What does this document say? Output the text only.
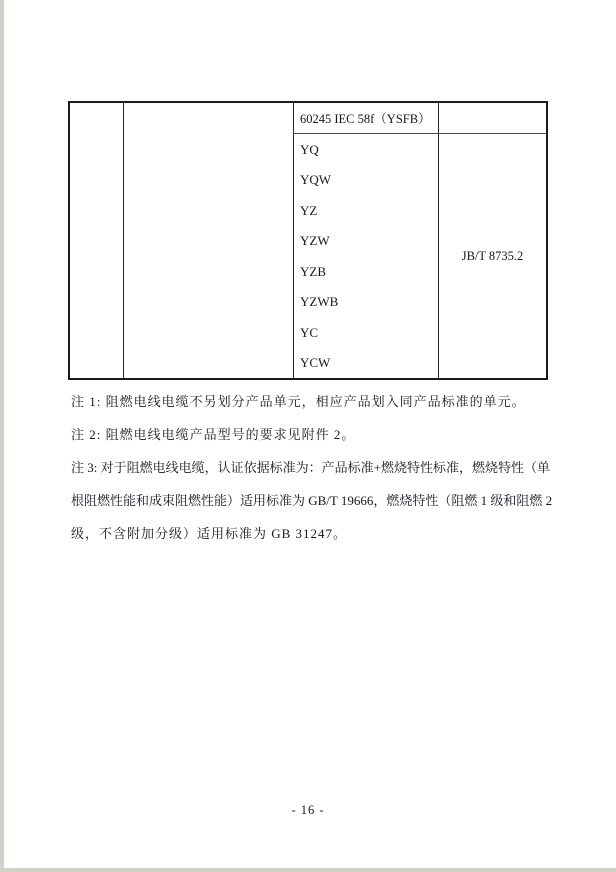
60245 IEC 58f（YSFB）
YQ
YQW
YZ
YZW
YZB
YZWB
YC
YCW
JB/T 8735.2
注 1: 阻燃电线电缆不另划分产品单元，相应产品划入同产品标准的单元。
注 2: 阻燃电线电缆产品型号的要求见附件 2。
注 3: 对于阻燃电线电缆，认证依据标准为：产品标准+燃烧特性标准，燃烧特性（单
根阻燃性能和成束阻燃性能）适用标准为 GB/T 19666，燃烧特性（阻燃 1 级和阻燃 2
级，不含附加分级）适用标准为 GB 31247。
- 16 -
